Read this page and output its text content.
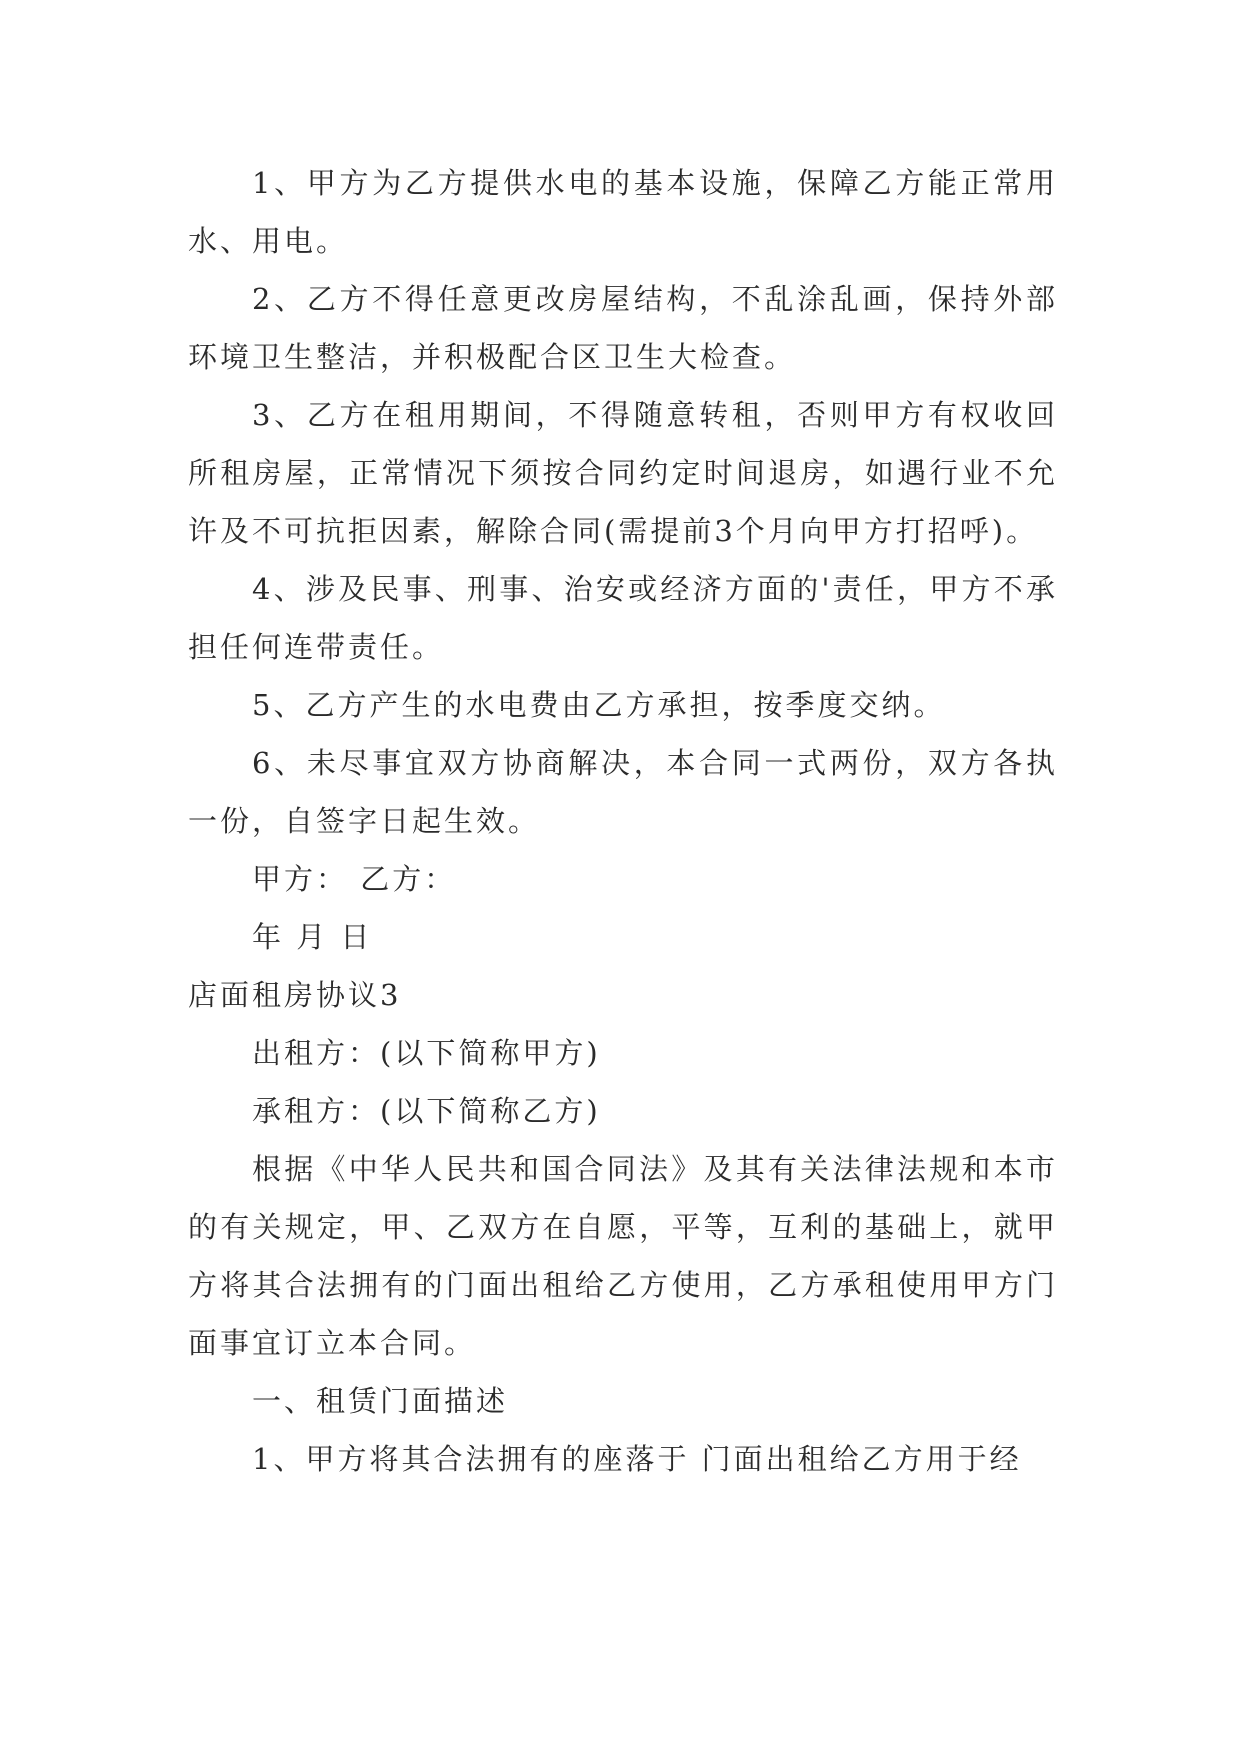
1、甲方为乙方提供水电的基本设施，保障乙方能正常用水、用电。

2、乙方不得任意更改房屋结构，不乱涂乱画，保持外部环境卫生整洁，并积极配合区卫生大检查。

3、乙方在租用期间，不得随意转租，否则甲方有权收回所租房屋，正常情况下须按合同约定时间退房，如遇行业不允许及不可抗拒因素，解除合同(需提前3个月向甲方打招呼)。

4、涉及民事、刑事、治安或经济方面的'责任，甲方不承担任何连带责任。

5、乙方产生的水电费由乙方承担，按季度交纳。

6、未尽事宜双方协商解决，本合同一式两份，双方各执一份，自签字日起生效。

甲方： 乙方：

年 月 日

店面租房协议3

出租方：(以下简称甲方)

承租方：(以下简称乙方)

根据《中华人民共和国合同法》及其有关法律法规和本市的有关规定，甲、乙双方在自愿，平等，互利的基础上，就甲方将其合法拥有的门面出租给乙方使用，乙方承租使用甲方门面事宜订立本合同。

一、租赁门面描述

1、甲方将其合法拥有的座落于 门面出租给乙方用于经
